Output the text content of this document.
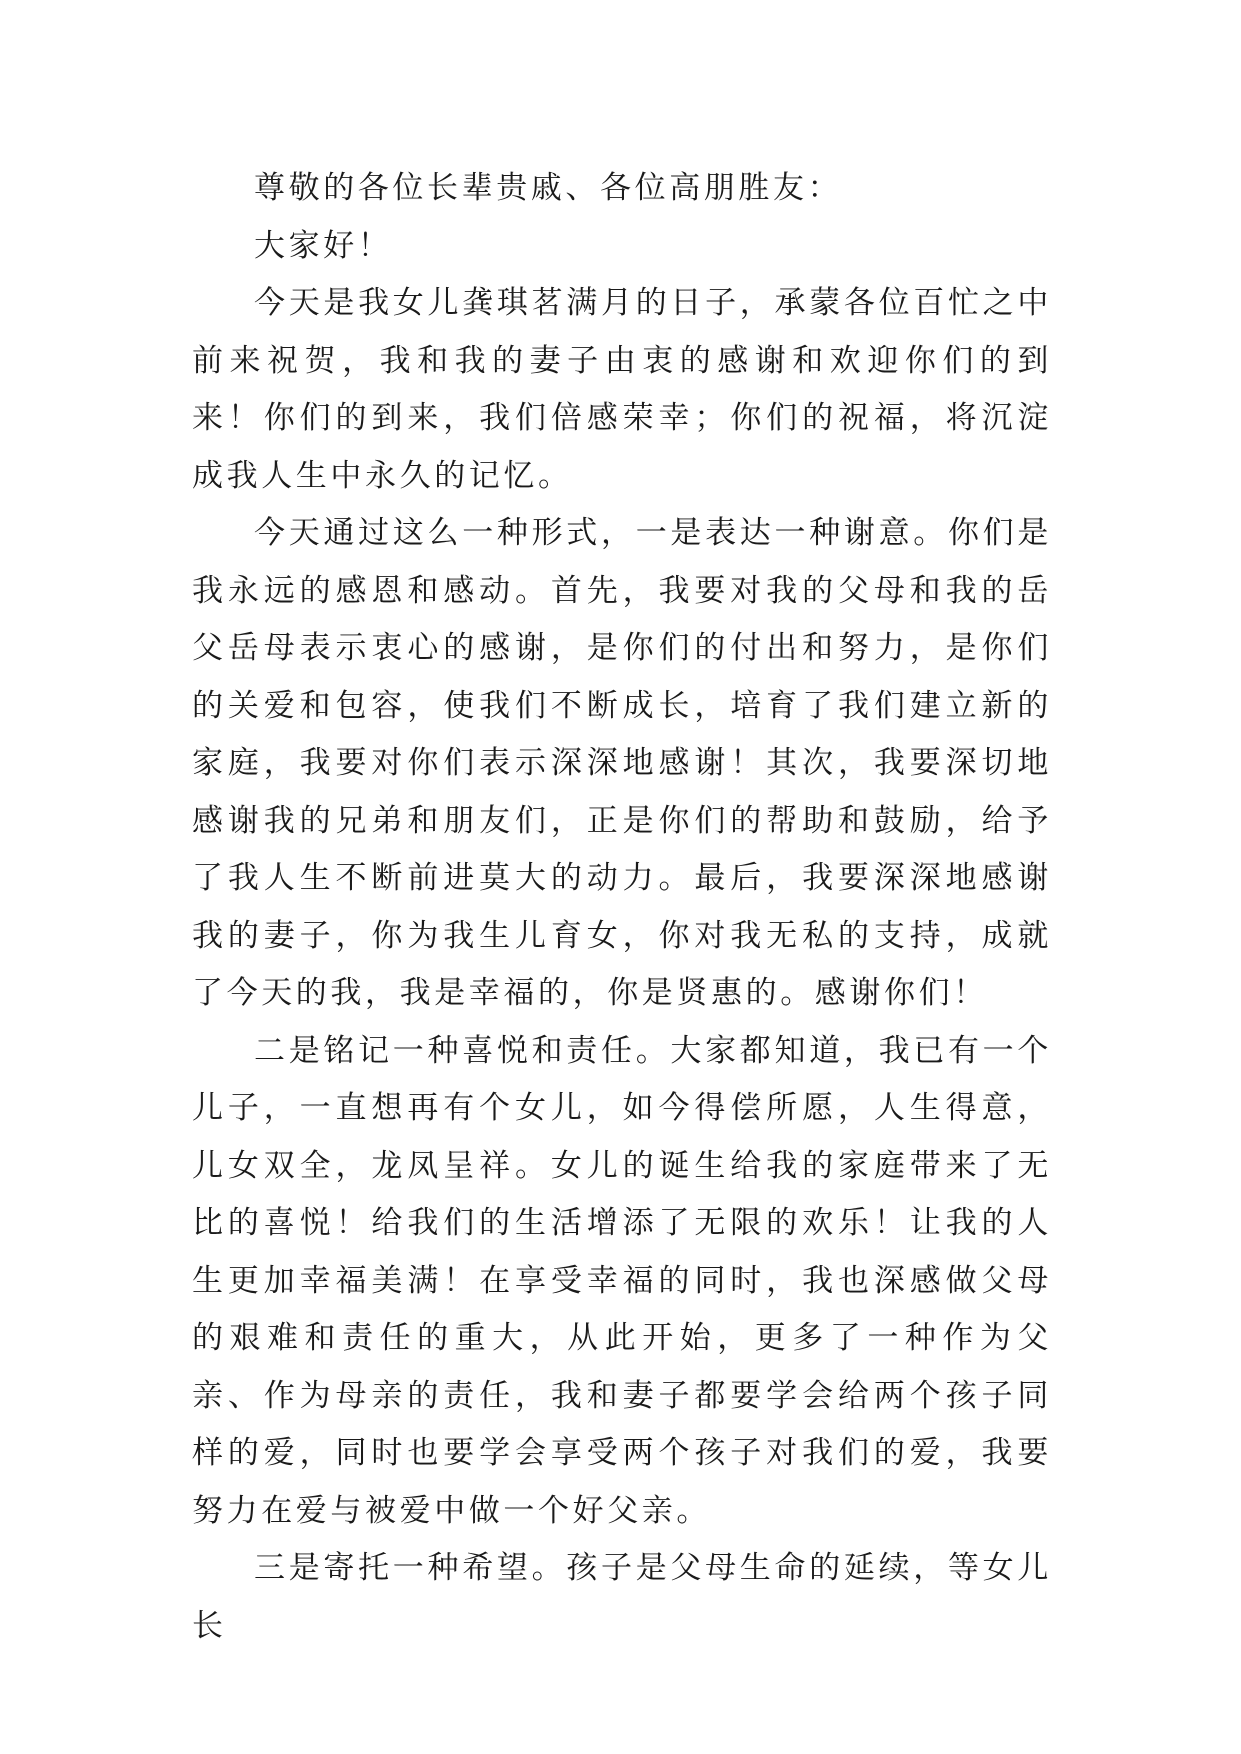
尊敬的各位长辈贵戚、各位高朋胜友：

大家好！

今天是我女儿龚琪茗满月的日子，承蒙各位百忙之中前来祝贺，我和我的妻子由衷的感谢和欢迎你们的到来！你们的到来，我们倍感荣幸；你们的祝福，将沉淀成我人生中永久的记忆。

今天通过这么一种形式，一是表达一种谢意。你们是我永远的感恩和感动。首先，我要对我的父母和我的岳父岳母表示衷心的感谢，是你们的付出和努力，是你们的关爱和包容，使我们不断成长，培育了我们建立新的家庭，我要对你们表示深深地感谢！其次，我要深切地感谢我的兄弟和朋友们，正是你们的帮助和鼓励，给予了我人生不断前进莫大的动力。最后，我要深深地感谢我的妻子，你为我生儿育女，你对我无私的支持，成就了今天的我，我是幸福的，你是贤惠的。感谢你们！

二是铭记一种喜悦和责任。大家都知道，我已有一个儿子，一直想再有个女儿，如今得偿所愿，人生得意，儿女双全，龙凤呈祥。女儿的诞生给我的家庭带来了无比的喜悦！给我们的生活增添了无限的欢乐！让我的人生更加幸福美满！在享受幸福的同时，我也深感做父母的艰难和责任的重大，从此开始，更多了一种作为父亲、作为母亲的责任，我和妻子都要学会给两个孩子同样的爱，同时也要学会享受两个孩子对我们的爱，我要努力在爱与被爱中做一个好父亲。

三是寄托一种希望。孩子是父母生命的延续，等女儿长
